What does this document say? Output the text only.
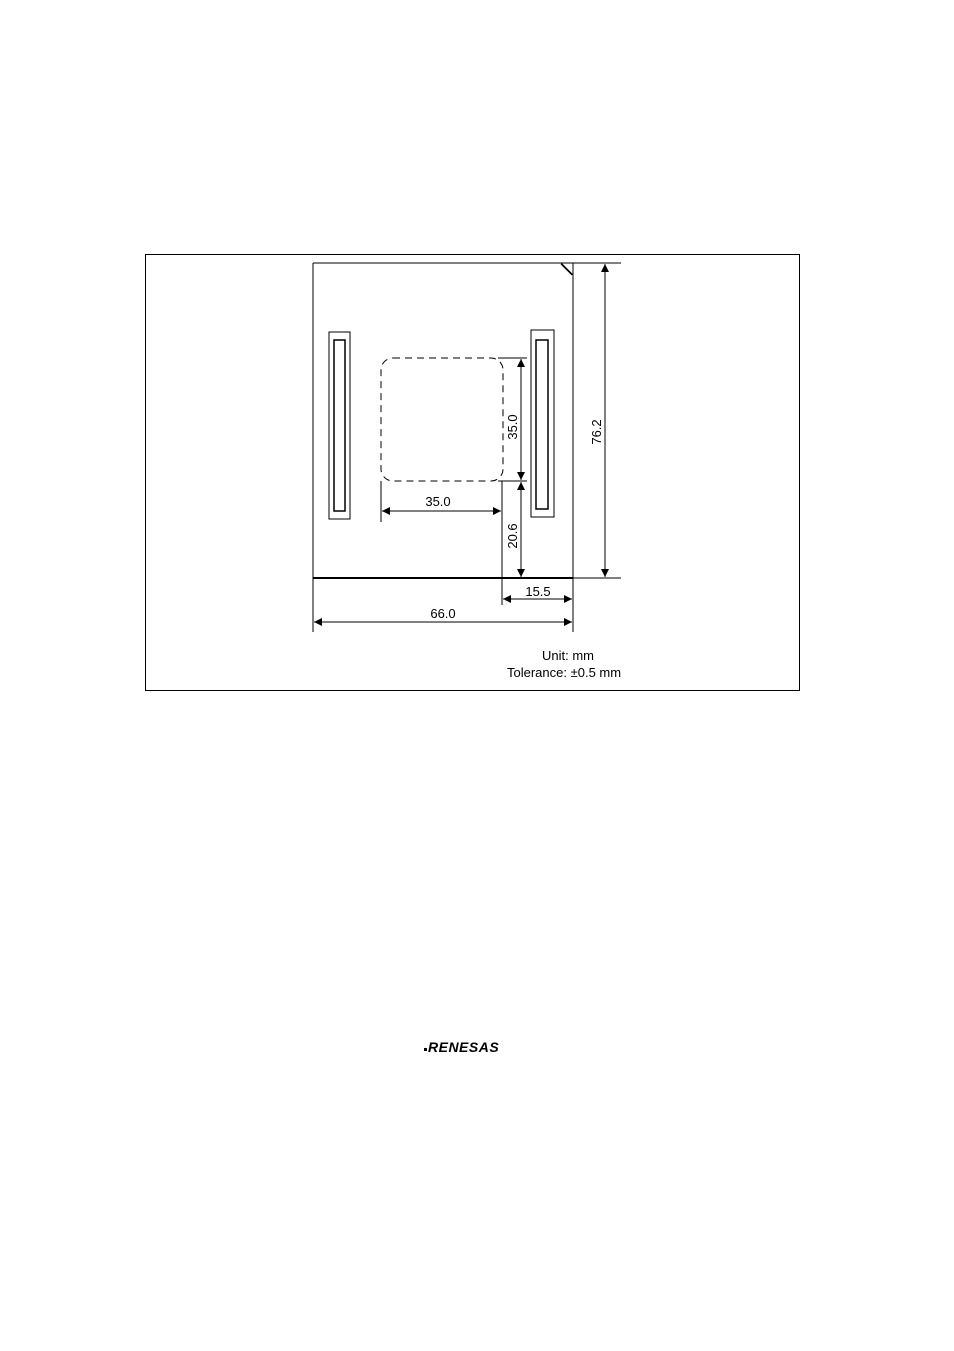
76.2
35.0
20.6
35.0
15.5
66.0
Unit: mm
Tolerance: ±0.5 mm
RENESAS
